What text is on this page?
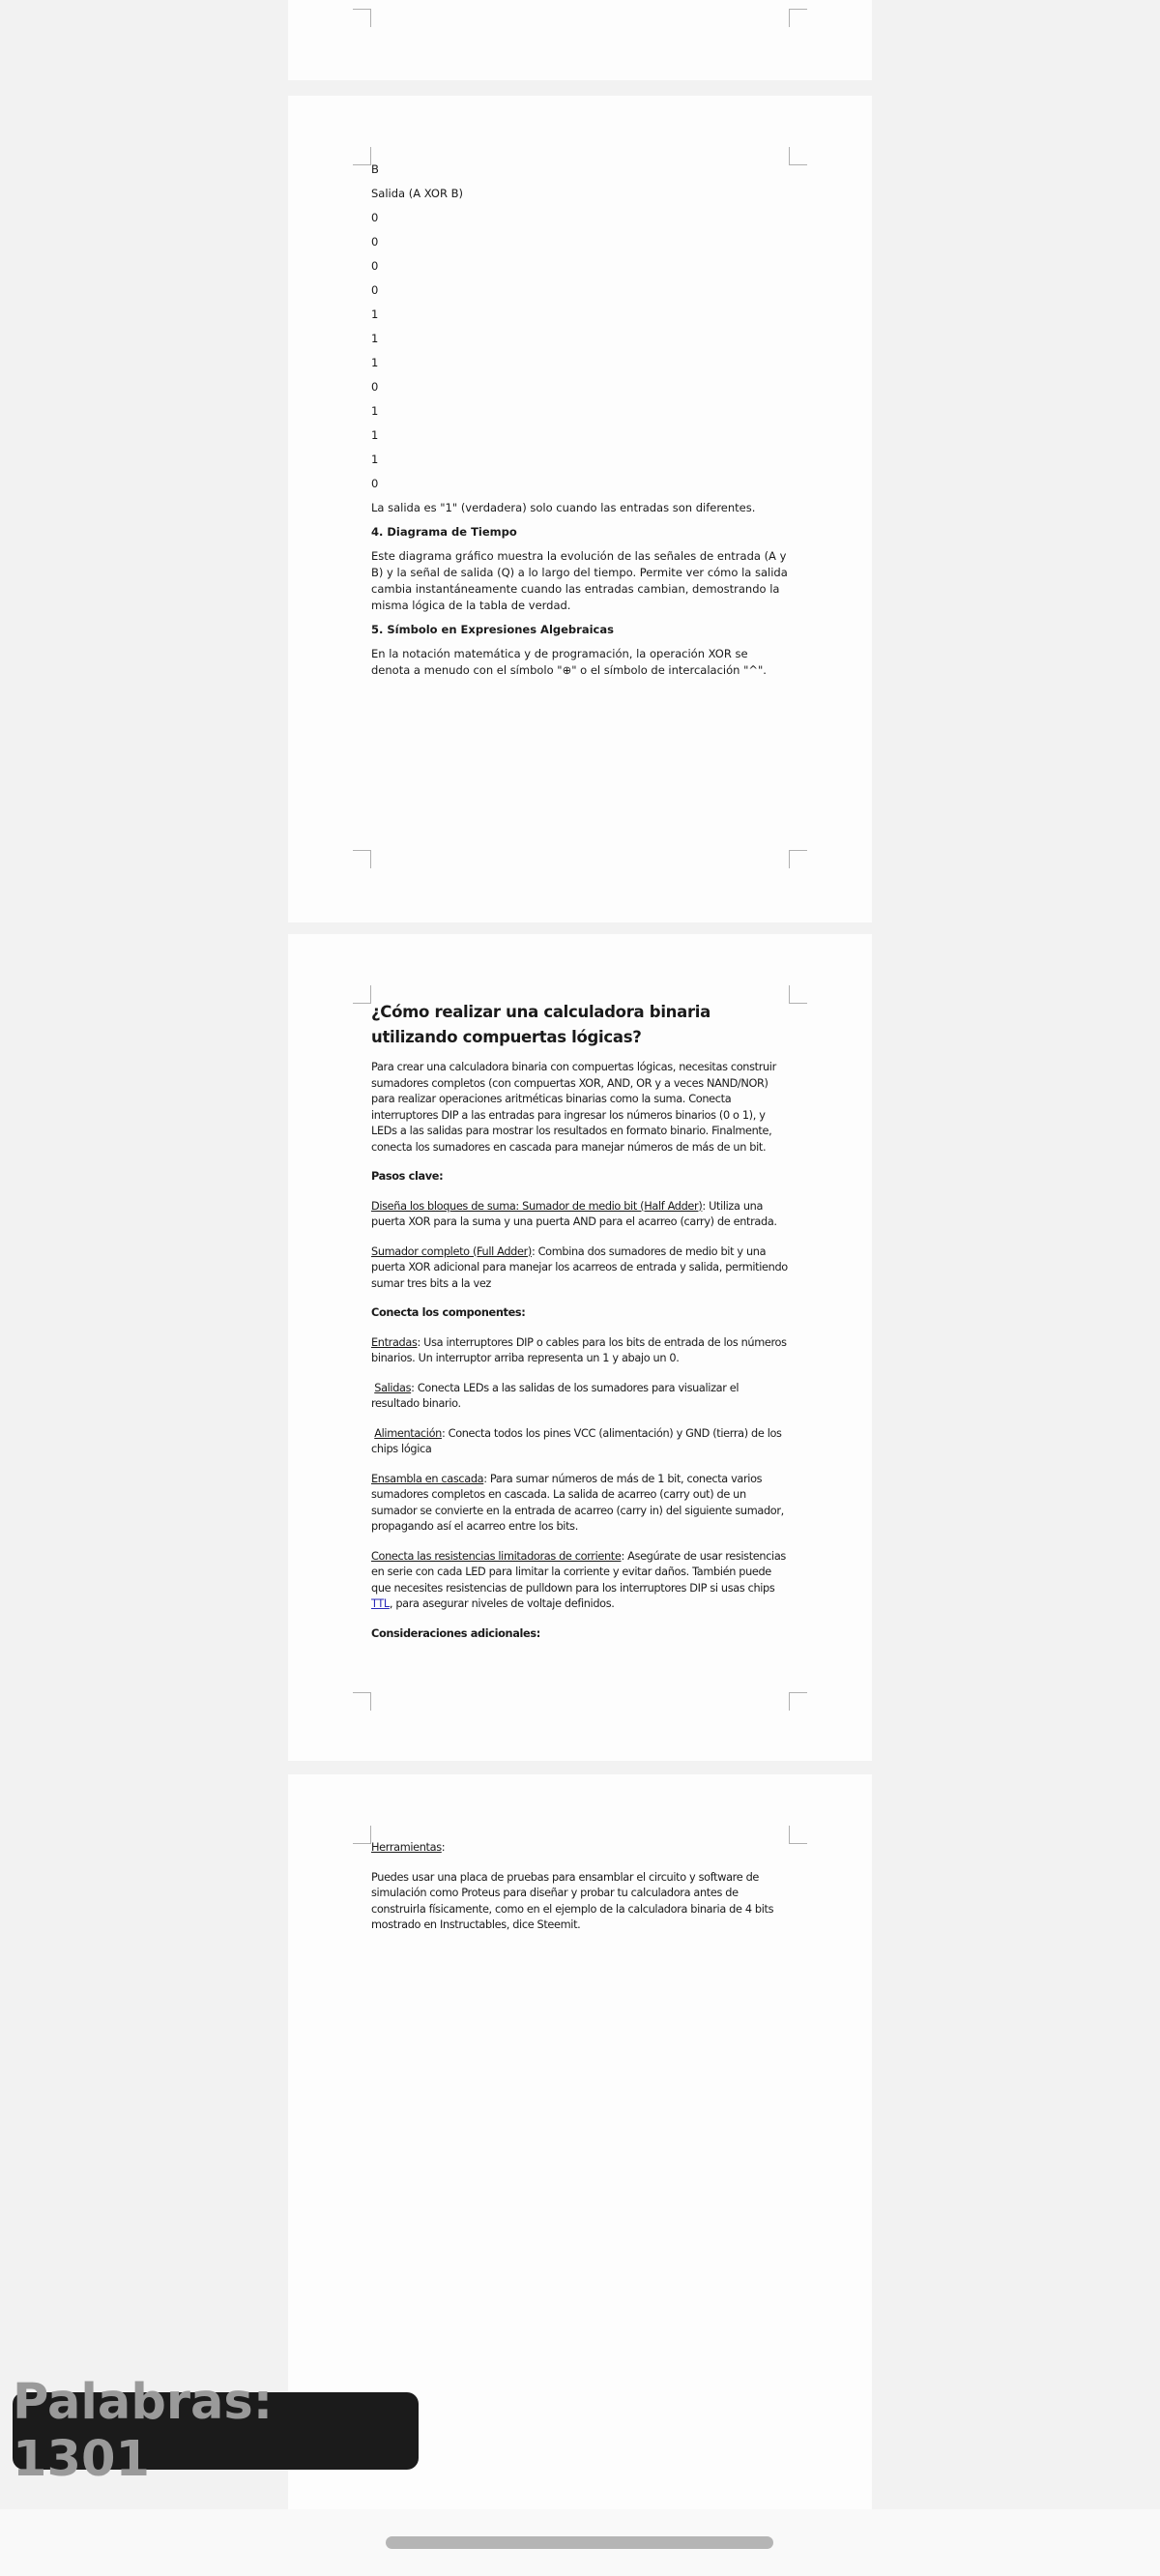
B
Salida (A XOR B)
0
0
0
0
1
1
1
0
1
1
1
0
La salida es "1" (verdadera) solo cuando las entradas son diferentes.
4. Diagrama de Tiempo

Este diagrama gráfico muestra la evolución de las señales de entrada (A y B) y la señal de salida (Q) a lo largo del tiempo. Permite ver cómo la salida cambia instantáneamente cuando las entradas cambian, demostrando la misma lógica de la tabla de verdad.

5. Símbolo en Expresiones Algebraicas

En la notación matemática y de programación, la operación XOR se denota a menudo con el símbolo "⊕" o el símbolo de intercalación "^".

¿Cómo realizar una calculadora binaria utilizando compuertas lógicas?

Para crear una calculadora binaria con compuertas lógicas, necesitas construir sumadores completos (con compuertas XOR, AND, OR y a veces NAND/NOR) para realizar operaciones aritméticas binarias como la suma. Conecta interruptores DIP a las entradas para ingresar los números binarios (0 o 1), y LEDs a las salidas para mostrar los resultados en formato binario. Finalmente, conecta los sumadores en cascada para manejar números de más de un bit.

Pasos clave:

Diseña los bloques de suma: Sumador de medio bit (Half Adder): Utiliza una puerta XOR para la suma y una puerta AND para el acarreo (carry) de entrada.

Sumador completo (Full Adder): Combina dos sumadores de medio bit y una puerta XOR adicional para manejar los acarreos de entrada y salida, permitiendo sumar tres bits a la vez

Conecta los componentes:

Entradas: Usa interruptores DIP o cables para los bits de entrada de los números binarios. Un interruptor arriba representa un 1 y abajo un 0.

Salidas: Conecta LEDs a las salidas de los sumadores para visualizar el resultado binario.

Alimentación: Conecta todos los pines VCC (alimentación) y GND (tierra) de los chips lógica

Ensambla en cascada: Para sumar números de más de 1 bit, conecta varios sumadores completos en cascada. La salida de acarreo (carry out) de un sumador se convierte en la entrada de acarreo (carry in) del siguiente sumador, propagando así el acarreo entre los bits.

Conecta las resistencias limitadoras de corriente: Asegúrate de usar resistencias en serie con cada LED para limitar la corriente y evitar daños. También puede que necesites resistencias de pulldown para los interruptores DIP si usas chips TTL, para asegurar niveles de voltaje definidos.

Consideraciones adicionales:

Herramientas:

Puedes usar una placa de pruebas para ensamblar el circuito y software de simulación como Proteus para diseñar y probar tu calculadora antes de construirla físicamente, como en el ejemplo de la calculadora binaria de 4 bits mostrado en Instructables, dice Steemit.

Palabras: 1301
